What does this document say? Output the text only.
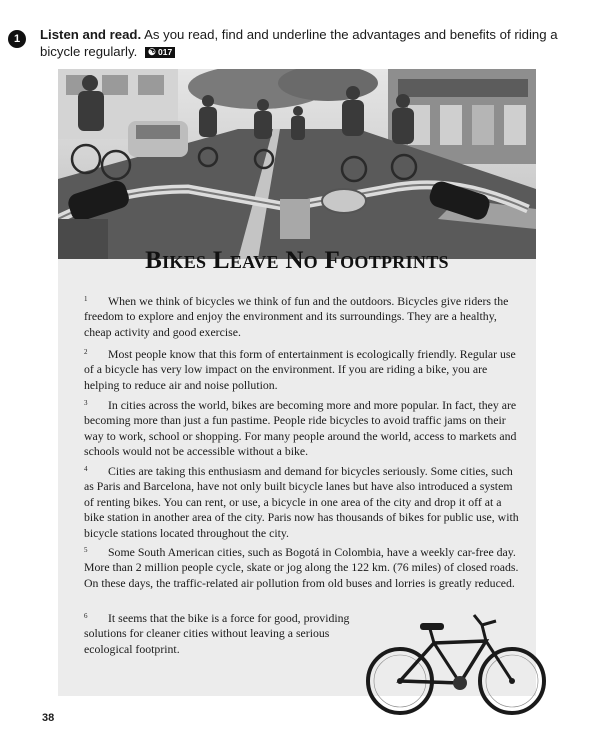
1	Listen and read. As you read, find and underline the advantages and benefits of riding a bicycle regularly. ☯ 017
Bikes Leave No Footprints

1 When we think of bicycles we think of fun and the outdoors. Bicycles give riders the freedom to explore and enjoy the environment and its surroundings. They are a healthy, cheap activity and good exercise.

2 Most people know that this form of entertainment is ecologically friendly. Regular use of a bicycle has very low impact on the environment. If you are riding a bike, you are helping to reduce air and noise pollution.

3 In cities across the world, bikes are becoming more and more popular. In fact, they are becoming more than just a fun pastime. People ride bicycles to avoid traffic jams on their way to work, school or shopping. For many people around the world, access to markets and schools would not be accessible without a bike.

4 Cities are taking this enthusiasm and demand for bicycles seriously. Some cities, such as Paris and Barcelona, have not only built bicycle lanes but have also introduced a system of renting bikes. You can rent, or use, a bicycle in one area of the city and drop it off at a bike station in another area of the city. Paris now has thousands of bikes for public use, with bicycle stations located throughout the city.

5 Some South American cities, such as Bogotá in Colombia, have a weekly car-free day. More than 2 million people cycle, skate or jog along the 122 km. (76 miles) of closed roads. On these days, the traffic-related air pollution from old buses and lorries is greatly reduced.

6 It seems that the bike is a force for good, providing solutions for cleaner cities without leaving a serious ecological footprint.

38
